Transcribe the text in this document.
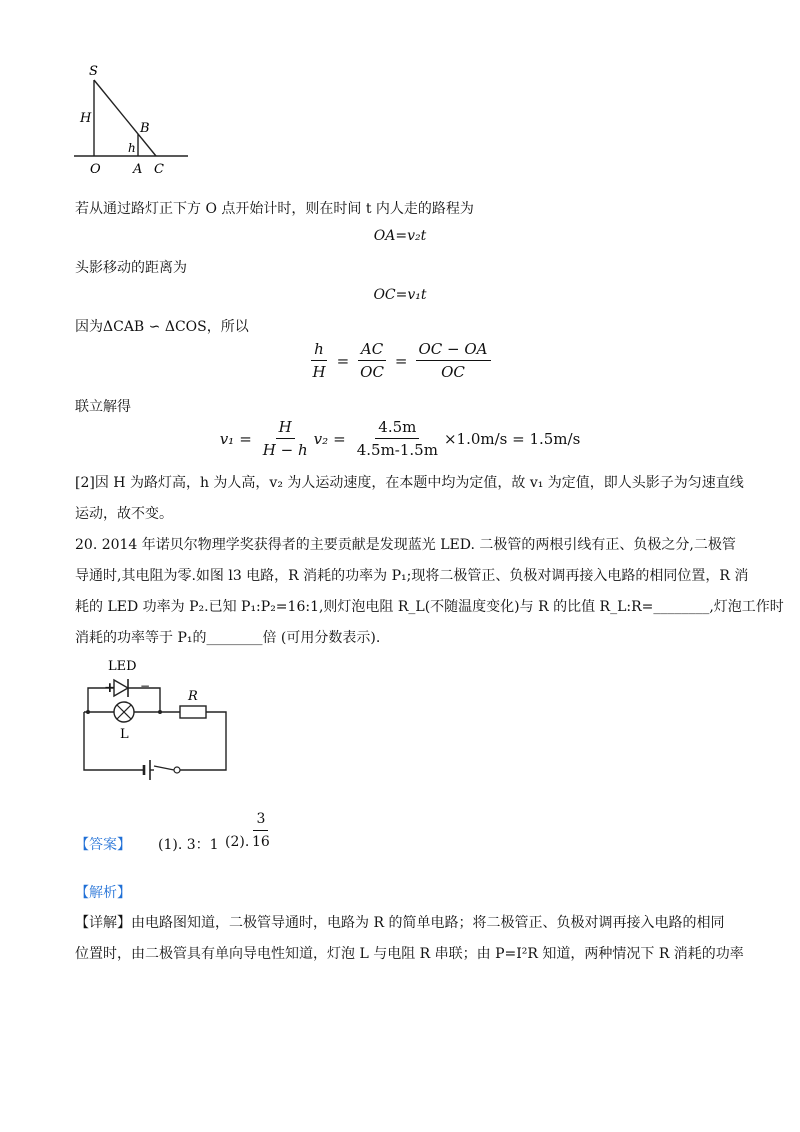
S
H
B
h
O A C
若从通过路灯正下方 O 点开始计时，则在时间 t 内人走的路程为
OA=v₂t
头影移动的距离为
OC=v₁t
因为ΔCAB ∽ ΔCOS，所以
$\frac{h}{H} = \frac{AC}{OC} = \frac{OC - OA}{OC}$
联立解得
$v_1 = \frac{H}{H - h} v_2 = \frac{4.5m}{4.5m-1.5m} \times 1.0m/s = 1.5m/s$
[2]因 H 为路灯高，h 为人高，v₂ 为人运动速度，在本题中均为定值，故 v₁ 为定值，即人头影子为匀速直线
运动，故不变。
20. 2014 年诺贝尔物理学奖获得者的主要贡献是发现蓝光 LED. 二极管的两根引线有正、负极之分,二极管
导通时,其电阻为零.如图 l3 电路，R 消耗的功率为 P₁;现将二极管正、负极对调再接入电路的相同位置，R 消
耗的 LED 功率为 P₂.已知 P₁:P₂=16:1,则灯泡电阻 R_L(不随温度变化)与 R 的比值 R_L:R=________,灯泡工作时
消耗的功率等于 P₁的________倍 (可用分数表示).
LED
+ −
L
R
【答案】 (1). 3：1 (2). $\frac{3}{16}$
【解析】
【详解】由电路图知道，二极管导通时，电路为 R 的简单电路；将二极管正、负极对调再接入电路的相同
位置时，由二极管具有单向导电性知道，灯泡 L 与电阻 R 串联；由 P=I²R 知道，两种情况下 R 消耗的功率
